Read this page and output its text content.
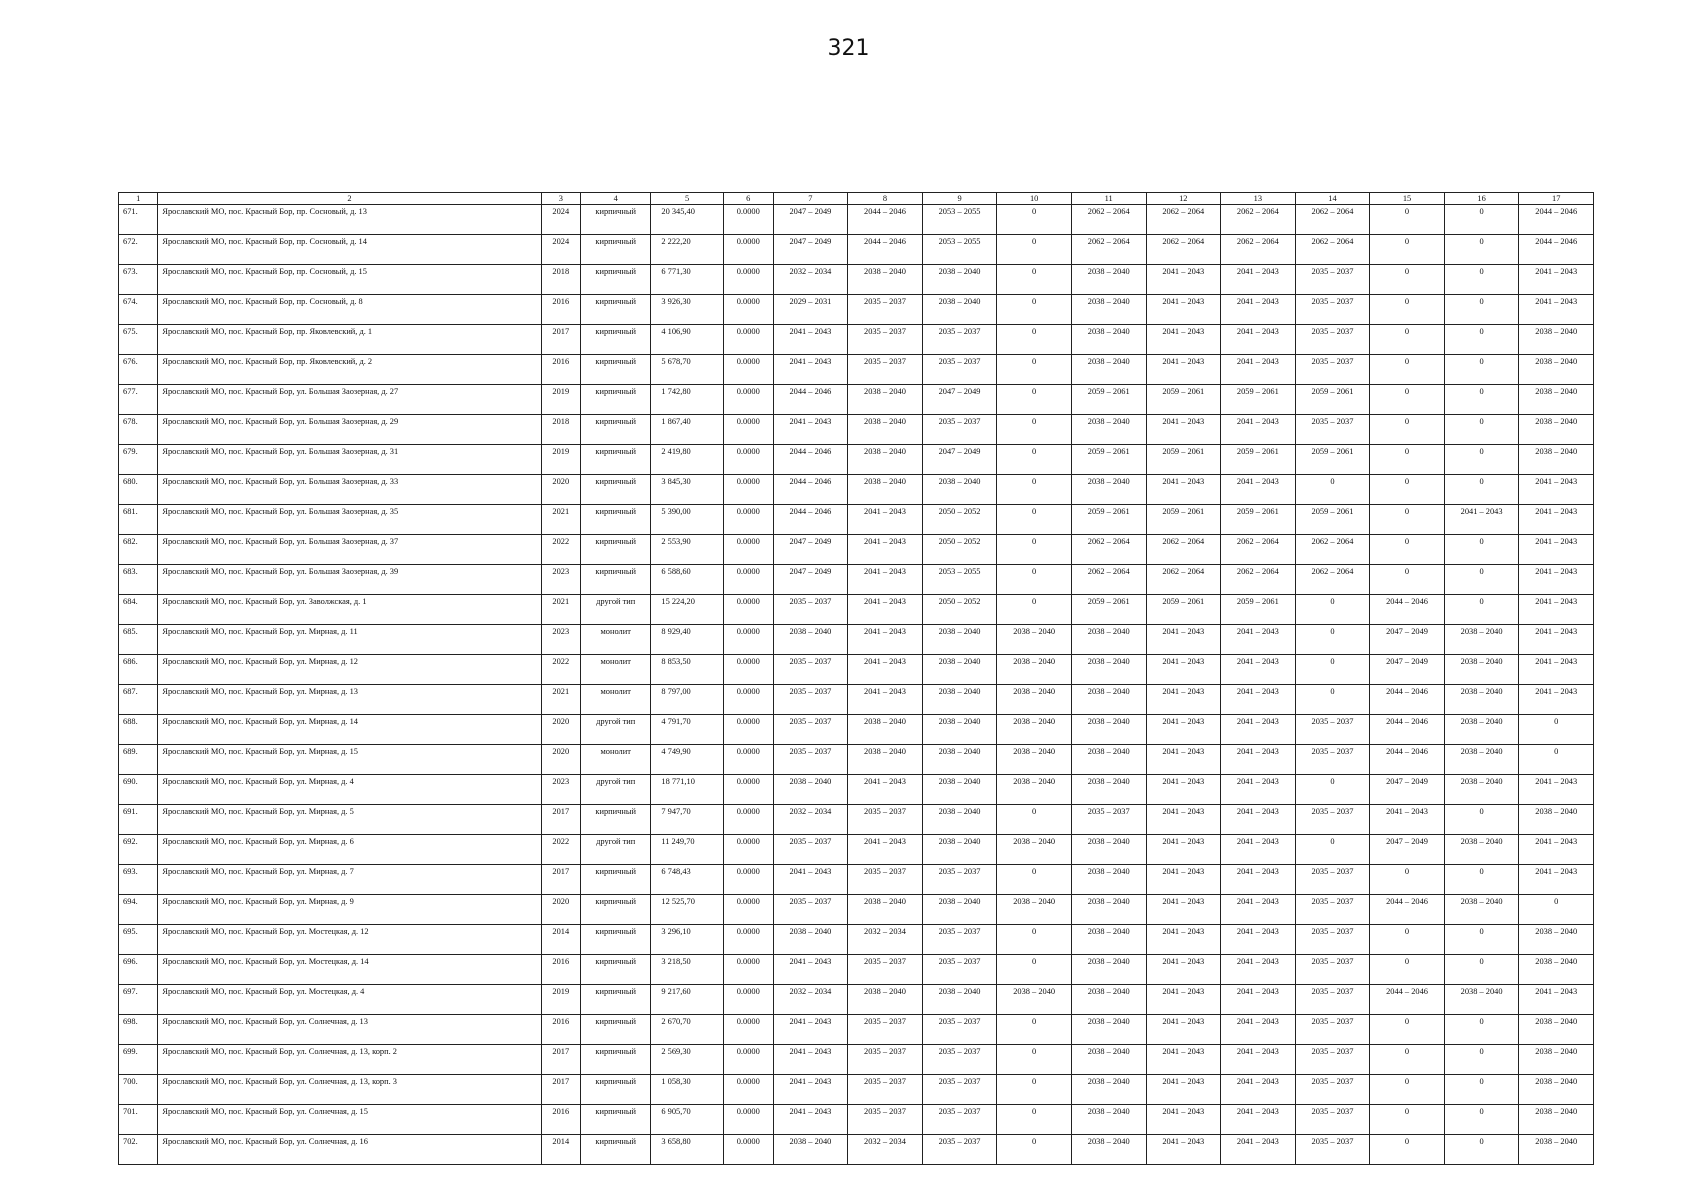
321
1	2	3	4	5	6	7	8	9	10	11	12	13	14	15	16	17
671.	Ярославский МО, пос. Красный Бор, пр. Сосновый, д. 13	2024	кирпичный	20 345,40	0.0000	2047 – 2049	2044 – 2046	2053 – 2055	0	2062 – 2064	2062 – 2064	2062 – 2064	2062 – 2064	0	0	2044 – 2046
672.	Ярославский МО, пос. Красный Бор, пр. Сосновый, д. 14	2024	кирпичный	2 222,20	0.0000	2047 – 2049	2044 – 2046	2053 – 2055	0	2062 – 2064	2062 – 2064	2062 – 2064	2062 – 2064	0	0	2044 – 2046
673.	Ярославский МО, пос. Красный Бор, пр. Сосновый, д. 15	2018	кирпичный	6 771,30	0.0000	2032 – 2034	2038 – 2040	2038 – 2040	0	2038 – 2040	2041 – 2043	2041 – 2043	2035 – 2037	0	0	2041 – 2043
674.	Ярославский МО, пос. Красный Бор, пр. Сосновый, д. 8	2016	кирпичный	3 926,30	0.0000	2029 – 2031	2035 – 2037	2038 – 2040	0	2038 – 2040	2041 – 2043	2041 – 2043	2035 – 2037	0	0	2041 – 2043
675.	Ярославский МО, пос. Красный Бор, пр. Яковлевский, д. 1	2017	кирпичный	4 106,90	0.0000	2041 – 2043	2035 – 2037	2035 – 2037	0	2038 – 2040	2041 – 2043	2041 – 2043	2035 – 2037	0	0	2038 – 2040
676.	Ярославский МО, пос. Красный Бор, пр. Яковлевский, д. 2	2016	кирпичный	5 678,70	0.0000	2041 – 2043	2035 – 2037	2035 – 2037	0	2038 – 2040	2041 – 2043	2041 – 2043	2035 – 2037	0	0	2038 – 2040
677.	Ярославский МО, пос. Красный Бор, ул. Большая Заозерная, д. 27	2019	кирпичный	1 742,80	0.0000	2044 – 2046	2038 – 2040	2047 – 2049	0	2059 – 2061	2059 – 2061	2059 – 2061	2059 – 2061	0	0	2038 – 2040
678.	Ярославский МО, пос. Красный Бор, ул. Большая Заозерная, д. 29	2018	кирпичный	1 867,40	0.0000	2041 – 2043	2038 – 2040	2035 – 2037	0	2038 – 2040	2041 – 2043	2041 – 2043	2035 – 2037	0	0	2038 – 2040
679.	Ярославский МО, пос. Красный Бор, ул. Большая Заозерная, д. 31	2019	кирпичный	2 419,80	0.0000	2044 – 2046	2038 – 2040	2047 – 2049	0	2059 – 2061	2059 – 2061	2059 – 2061	2059 – 2061	0	0	2038 – 2040
680.	Ярославский МО, пос. Красный Бор, ул. Большая Заозерная, д. 33	2020	кирпичный	3 845,30	0.0000	2044 – 2046	2038 – 2040	2038 – 2040	0	2038 – 2040	2041 – 2043	2041 – 2043	0	0	0	2041 – 2043
681.	Ярославский МО, пос. Красный Бор, ул. Большая Заозерная, д. 35	2021	кирпичный	5 390,00	0.0000	2044 – 2046	2041 – 2043	2050 – 2052	0	2059 – 2061	2059 – 2061	2059 – 2061	2059 – 2061	0	2041 – 2043	2041 – 2043
682.	Ярославский МО, пос. Красный Бор, ул. Большая Заозерная, д. 37	2022	кирпичный	2 553,90	0.0000	2047 – 2049	2041 – 2043	2050 – 2052	0	2062 – 2064	2062 – 2064	2062 – 2064	2062 – 2064	0	0	2041 – 2043
683.	Ярославский МО, пос. Красный Бор, ул. Большая Заозерная, д. 39	2023	кирпичный	6 588,60	0.0000	2047 – 2049	2041 – 2043	2053 – 2055	0	2062 – 2064	2062 – 2064	2062 – 2064	2062 – 2064	0	0	2041 – 2043
684.	Ярославский МО, пос. Красный Бор, ул. Заволжская, д. 1	2021	другой тип	15 224,20	0.0000	2035 – 2037	2041 – 2043	2050 – 2052	0	2059 – 2061	2059 – 2061	2059 – 2061	0	2044 – 2046	0	2041 – 2043
685.	Ярославский МО, пос. Красный Бор, ул. Мирная, д. 11	2023	монолит	8 929,40	0.0000	2038 – 2040	2041 – 2043	2038 – 2040	2038 – 2040	2038 – 2040	2041 – 2043	2041 – 2043	0	2047 – 2049	2038 – 2040	2041 – 2043
686.	Ярославский МО, пос. Красный Бор, ул. Мирная, д. 12	2022	монолит	8 853,50	0.0000	2035 – 2037	2041 – 2043	2038 – 2040	2038 – 2040	2038 – 2040	2041 – 2043	2041 – 2043	0	2047 – 2049	2038 – 2040	2041 – 2043
687.	Ярославский МО, пос. Красный Бор, ул. Мирная, д. 13	2021	монолит	8 797,00	0.0000	2035 – 2037	2041 – 2043	2038 – 2040	2038 – 2040	2038 – 2040	2041 – 2043	2041 – 2043	0	2044 – 2046	2038 – 2040	2041 – 2043
688.	Ярославский МО, пос. Красный Бор, ул. Мирная, д. 14	2020	другой тип	4 791,70	0.0000	2035 – 2037	2038 – 2040	2038 – 2040	2038 – 2040	2038 – 2040	2041 – 2043	2041 – 2043	2035 – 2037	2044 – 2046	2038 – 2040	0
689.	Ярославский МО, пос. Красный Бор, ул. Мирная, д. 15	2020	монолит	4 749,90	0.0000	2035 – 2037	2038 – 2040	2038 – 2040	2038 – 2040	2038 – 2040	2041 – 2043	2041 – 2043	2035 – 2037	2044 – 2046	2038 – 2040	0
690.	Ярославский МО, пос. Красный Бор, ул. Мирная, д. 4	2023	другой тип	18 771,10	0.0000	2038 – 2040	2041 – 2043	2038 – 2040	2038 – 2040	2038 – 2040	2041 – 2043	2041 – 2043	0	2047 – 2049	2038 – 2040	2041 – 2043
691.	Ярославский МО, пос. Красный Бор, ул. Мирная, д. 5	2017	кирпичный	7 947,70	0.0000	2032 – 2034	2035 – 2037	2038 – 2040	0	2035 – 2037	2041 – 2043	2041 – 2043	2035 – 2037	2041 – 2043	0	2038 – 2040
692.	Ярославский МО, пос. Красный Бор, ул. Мирная, д. 6	2022	другой тип	11 249,70	0.0000	2035 – 2037	2041 – 2043	2038 – 2040	2038 – 2040	2038 – 2040	2041 – 2043	2041 – 2043	0	2047 – 2049	2038 – 2040	2041 – 2043
693.	Ярославский МО, пос. Красный Бор, ул. Мирная, д. 7	2017	кирпичный	6 748,43	0.0000	2041 – 2043	2035 – 2037	2035 – 2037	0	2038 – 2040	2041 – 2043	2041 – 2043	2035 – 2037	0	0	2041 – 2043
694.	Ярославский МО, пос. Красный Бор, ул. Мирная, д. 9	2020	кирпичный	12 525,70	0.0000	2035 – 2037	2038 – 2040	2038 – 2040	2038 – 2040	2038 – 2040	2041 – 2043	2041 – 2043	2035 – 2037	2044 – 2046	2038 – 2040	0
695.	Ярославский МО, пос. Красный Бор, ул. Мостецкая, д. 12	2014	кирпичный	3 296,10	0.0000	2038 – 2040	2032 – 2034	2035 – 2037	0	2038 – 2040	2041 – 2043	2041 – 2043	2035 – 2037	0	0	2038 – 2040
696.	Ярославский МО, пос. Красный Бор, ул. Мостецкая, д. 14	2016	кирпичный	3 218,50	0.0000	2041 – 2043	2035 – 2037	2035 – 2037	0	2038 – 2040	2041 – 2043	2041 – 2043	2035 – 2037	0	0	2038 – 2040
697.	Ярославский МО, пос. Красный Бор, ул. Мостецкая, д. 4	2019	кирпичный	9 217,60	0.0000	2032 – 2034	2038 – 2040	2038 – 2040	2038 – 2040	2038 – 2040	2041 – 2043	2041 – 2043	2035 – 2037	2044 – 2046	2038 – 2040	2041 – 2043
698.	Ярославский МО, пос. Красный Бор, ул. Солнечная, д. 13	2016	кирпичный	2 670,70	0.0000	2041 – 2043	2035 – 2037	2035 – 2037	0	2038 – 2040	2041 – 2043	2041 – 2043	2035 – 2037	0	0	2038 – 2040
699.	Ярославский МО, пос. Красный Бор, ул. Солнечная, д. 13, корп. 2	2017	кирпичный	2 569,30	0.0000	2041 – 2043	2035 – 2037	2035 – 2037	0	2038 – 2040	2041 – 2043	2041 – 2043	2035 – 2037	0	0	2038 – 2040
700.	Ярославский МО, пос. Красный Бор, ул. Солнечная, д. 13, корп. 3	2017	кирпичный	1 058,30	0.0000	2041 – 2043	2035 – 2037	2035 – 2037	0	2038 – 2040	2041 – 2043	2041 – 2043	2035 – 2037	0	0	2038 – 2040
701.	Ярославский МО, пос. Красный Бор, ул. Солнечная, д. 15	2016	кирпичный	6 905,70	0.0000	2041 – 2043	2035 – 2037	2035 – 2037	0	2038 – 2040	2041 – 2043	2041 – 2043	2035 – 2037	0	0	2038 – 2040
702.	Ярославский МО, пос. Красный Бор, ул. Солнечная, д. 16	2014	кирпичный	3 658,80	0.0000	2038 – 2040	2032 – 2034	2035 – 2037	0	2038 – 2040	2041 – 2043	2041 – 2043	2035 – 2037	0	0	2038 – 2040
